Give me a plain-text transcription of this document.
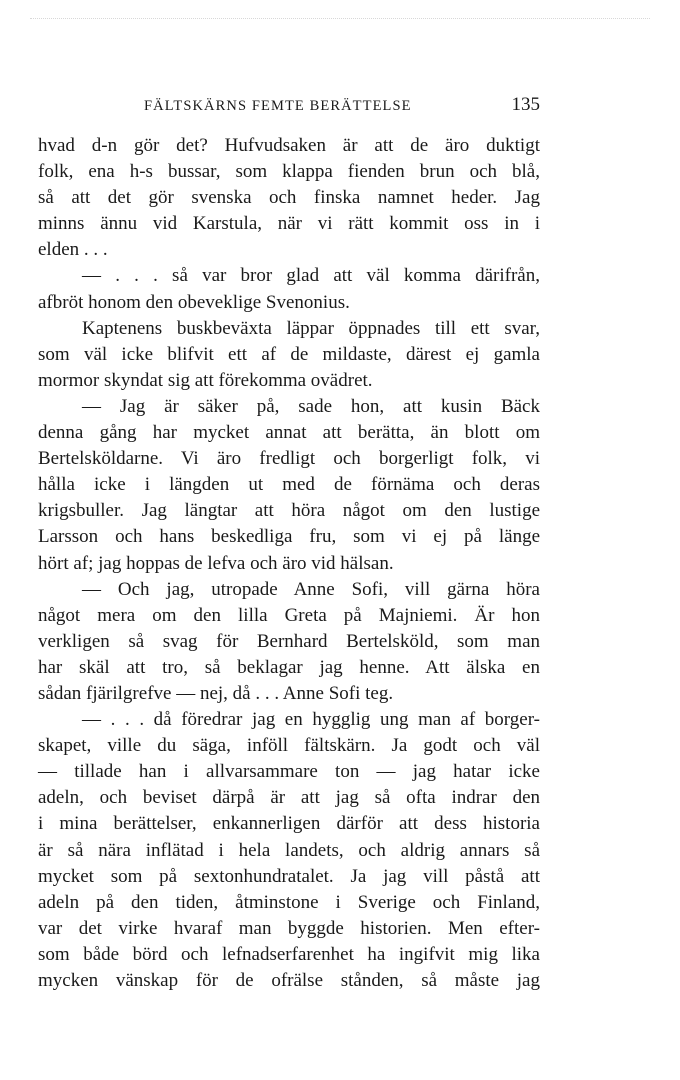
FÄLTSKÄRNS FEMTE BERÄTTELSE	135
hvad d-n gör det? Hufvudsaken är att de äro duktigt
folk, ena h-s bussar, som klappa fienden brun och blå,
så att det gör svenska och finska namnet heder. Jag
minns ännu vid Karstula, när vi rätt kommit oss in i
elden . . .
— . . . så var bror glad att väl komma därifrån,
afbröt honom den obeveklige Svenonius.
Kaptenens buskbeväxta läppar öppnades till ett svar,
som väl icke blifvit ett af de mildaste, därest ej gamla
mormor skyndat sig att förekomma ovädret.
— Jag är säker på, sade hon, att kusin Bäck
denna gång har mycket annat att berätta, än blott om
Bertelsköldarne. Vi äro fredligt och borgerligt folk, vi
hålla icke i längden ut med de förnäma och deras
krigsbuller. Jag längtar att höra något om den lustige
Larsson och hans beskedliga fru, som vi ej på länge
hört af; jag hoppas de lefva och äro vid hälsan.
— Och jag, utropade Anne Sofi, vill gärna höra
något mera om den lilla Greta på Majniemi. Är hon
verkligen så svag för Bernhard Bertelsköld, som man
har skäl att tro, så beklagar jag henne. Att älska en
sådan fjärilgrefve — nej, då . . . Anne Sofi teg.
— . . . då föredrar jag en hygglig ung man af borger-
skapet, ville du säga, inföll fältskärn. Ja godt och väl
— tillade han i allvarsammare ton — jag hatar icke
adeln, och beviset därpå är att jag så ofta indrar den
i mina berättelser, enkannerligen därför att dess historia
är så nära inflätad i hela landets, och aldrig annars så
mycket som på sextonhundratalet. Ja jag vill påstå att
adeln på den tiden, åtminstone i Sverige och Finland,
var det virke hvaraf man byggde historien. Men efter-
som både börd och lefnadserfarenhet ha ingifvit mig lika
mycken vänskap för de ofrälse stånden, så måste jag
